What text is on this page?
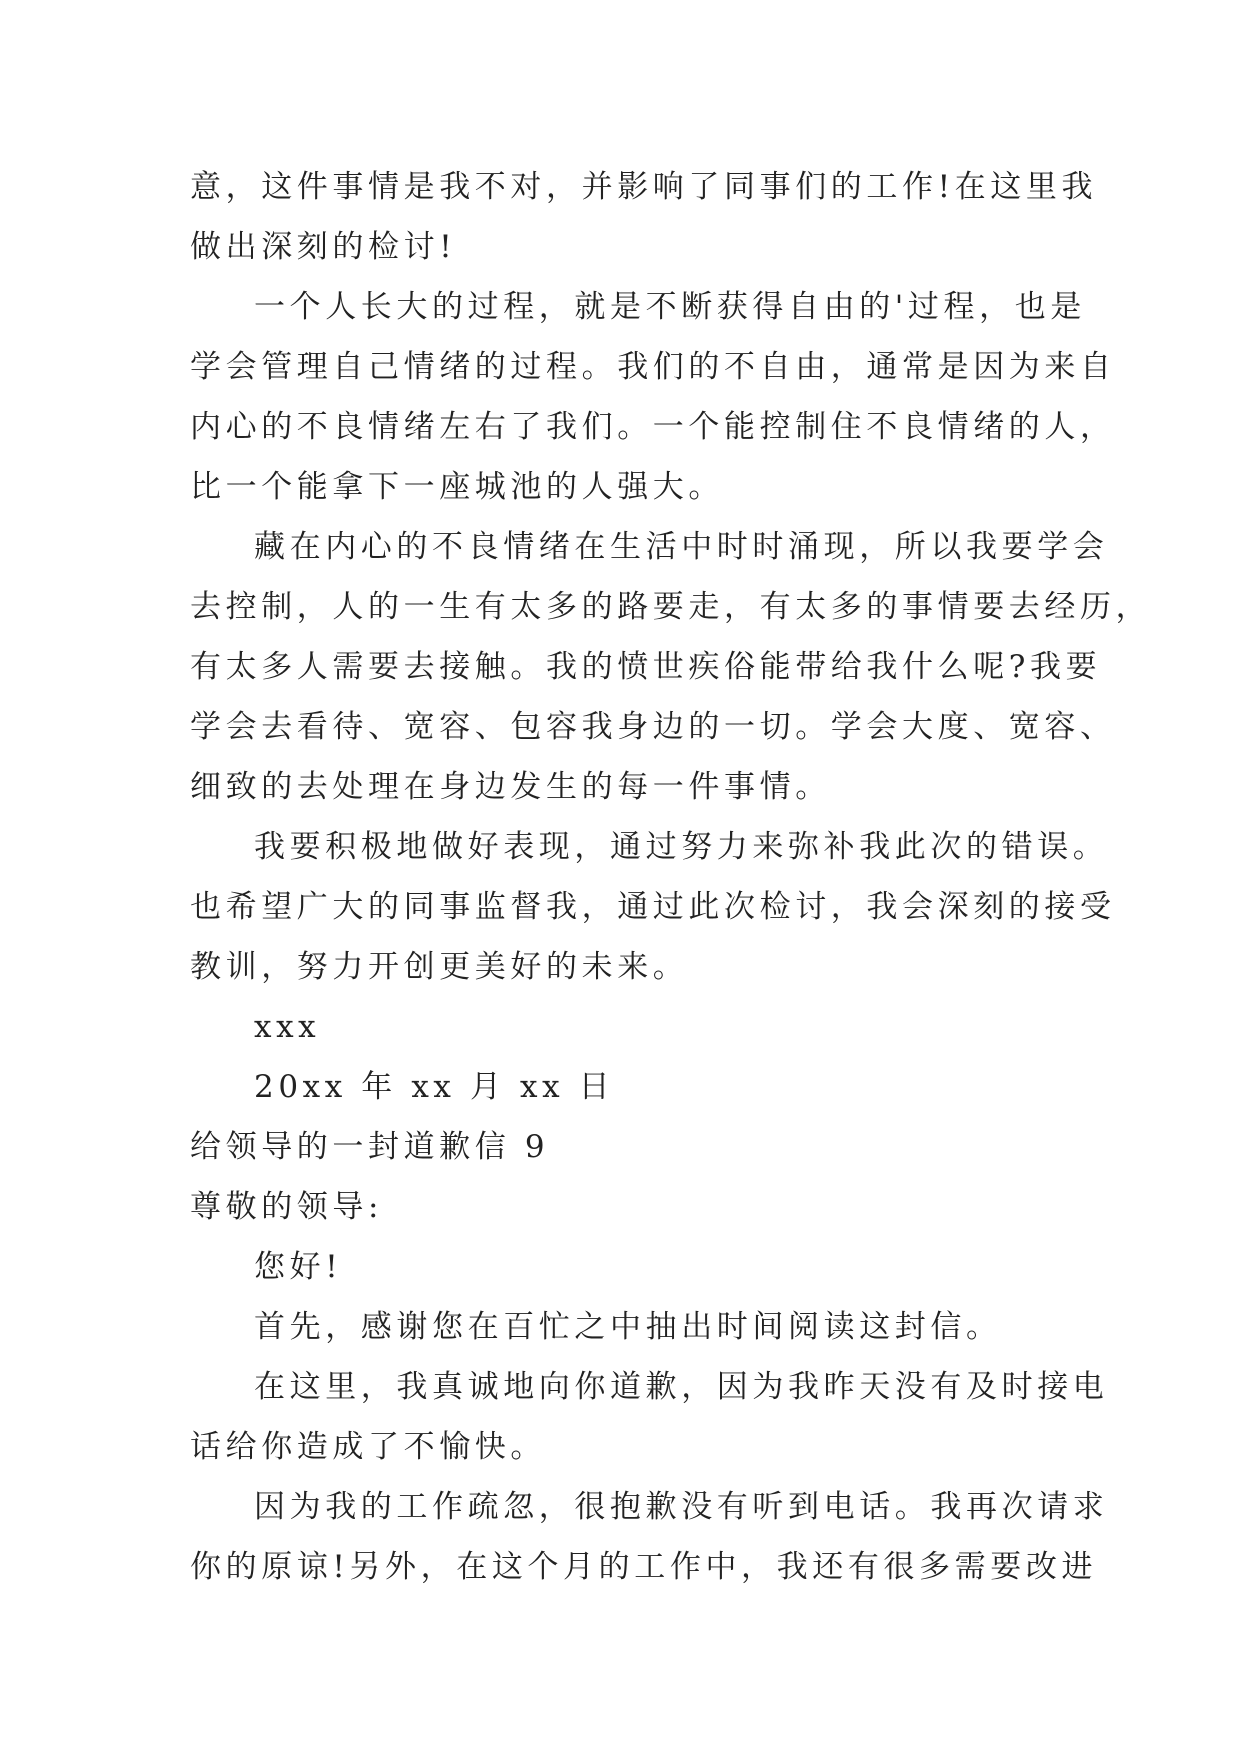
意，这件事情是我不对，并影响了同事们的工作!在这里我
做出深刻的检讨!
一个人长大的过程，就是不断获得自由的'过程，也是
学会管理自己情绪的过程。我们的不自由，通常是因为来自
内心的不良情绪左右了我们。一个能控制住不良情绪的人，
比一个能拿下一座城池的人强大。
藏在内心的不良情绪在生活中时时涌现，所以我要学会
去控制，人的一生有太多的路要走，有太多的事情要去经历，
有太多人需要去接触。我的愤世疾俗能带给我什么呢?我要
学会去看待、宽容、包容我身边的一切。学会大度、宽容、
细致的去处理在身边发生的每一件事情。
我要积极地做好表现，通过努力来弥补我此次的错误。
也希望广大的同事监督我，通过此次检讨，我会深刻的接受
教训，努力开创更美好的未来。
xxx
20xx 年 xx 月 xx 日
给领导的一封道歉信 9
尊敬的领导:
您好!
首先，感谢您在百忙之中抽出时间阅读这封信。
在这里，我真诚地向你道歉，因为我昨天没有及时接电
话给你造成了不愉快。
因为我的工作疏忽，很抱歉没有听到电话。我再次请求
你的原谅!另外，在这个月的工作中，我还有很多需要改进
